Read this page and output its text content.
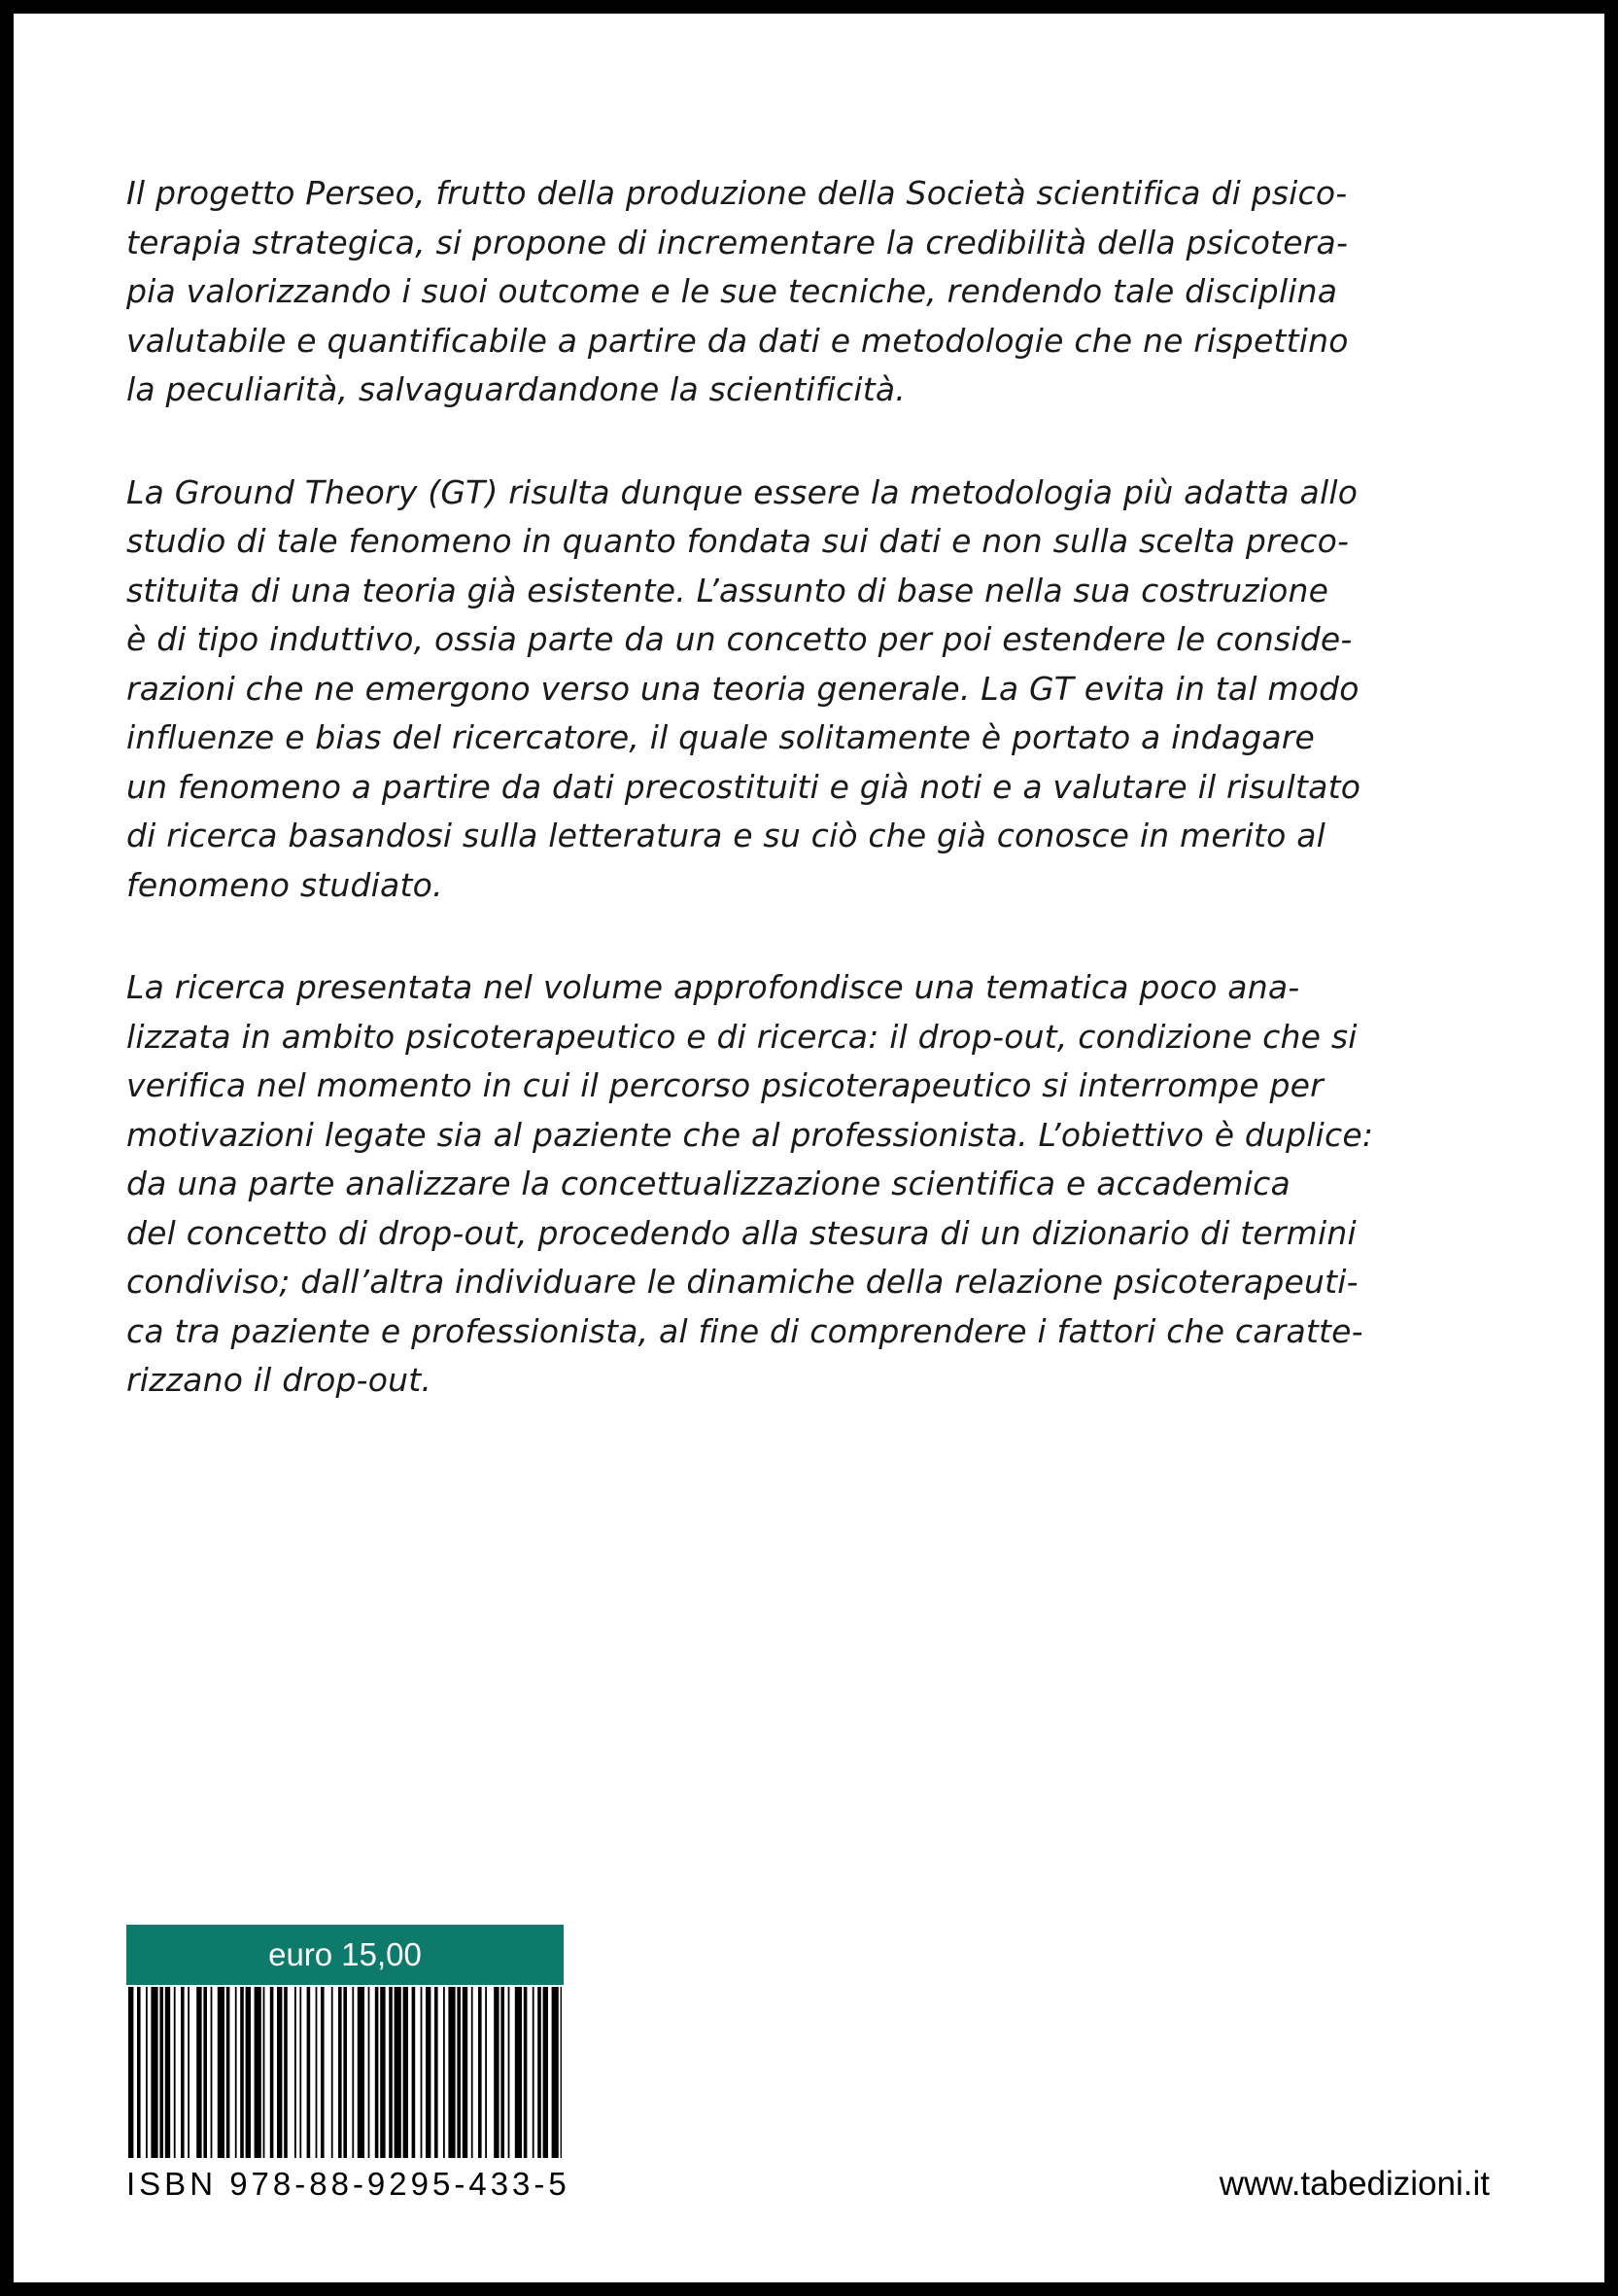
Il progetto Perseo, frutto della produzione della Società scientifica di psico-
terapia strategica, si propone di incrementare la credibilità della psicotera-
pia valorizzando i suoi outcome e le sue tecniche, rendendo tale disciplina
valutabile e quantificabile a partire da dati e metodologie che ne rispettino
la peculiarità, salvaguardandone la scientificità.

La Ground Theory (GT) risulta dunque essere la metodologia più adatta allo
studio di tale fenomeno in quanto fondata sui dati e non sulla scelta preco-
stituita di una teoria già esistente. L’assunto di base nella sua costruzione
è di tipo induttivo, ossia parte da un concetto per poi estendere le conside-
razioni che ne emergono verso una teoria generale. La GT evita in tal modo
influenze e bias del ricercatore, il quale solitamente è portato a indagare
un fenomeno a partire da dati precostituiti e già noti e a valutare il risultato
di ricerca basandosi sulla letteratura e su ciò che già conosce in merito al
fenomeno studiato.

La ricerca presentata nel volume approfondisce una tematica poco ana-
lizzata in ambito psicoterapeutico e di ricerca: il drop-out, condizione che si
verifica nel momento in cui il percorso psicoterapeutico si interrompe per
motivazioni legate sia al paziente che al professionista. L’obiettivo è duplice:
da una parte analizzare la concettualizzazione scientifica e accademica
del concetto di drop-out, procedendo alla stesura di un dizionario di termini
condiviso; dall’altra individuare le dinamiche della relazione psicoterapeuti-
ca tra paziente e professionista, al fine di comprendere i fattori che caratte-
rizzano il drop-out.

euro 15,00
ISBN 978-88-9295-433-5	www.tabedizioni.it
